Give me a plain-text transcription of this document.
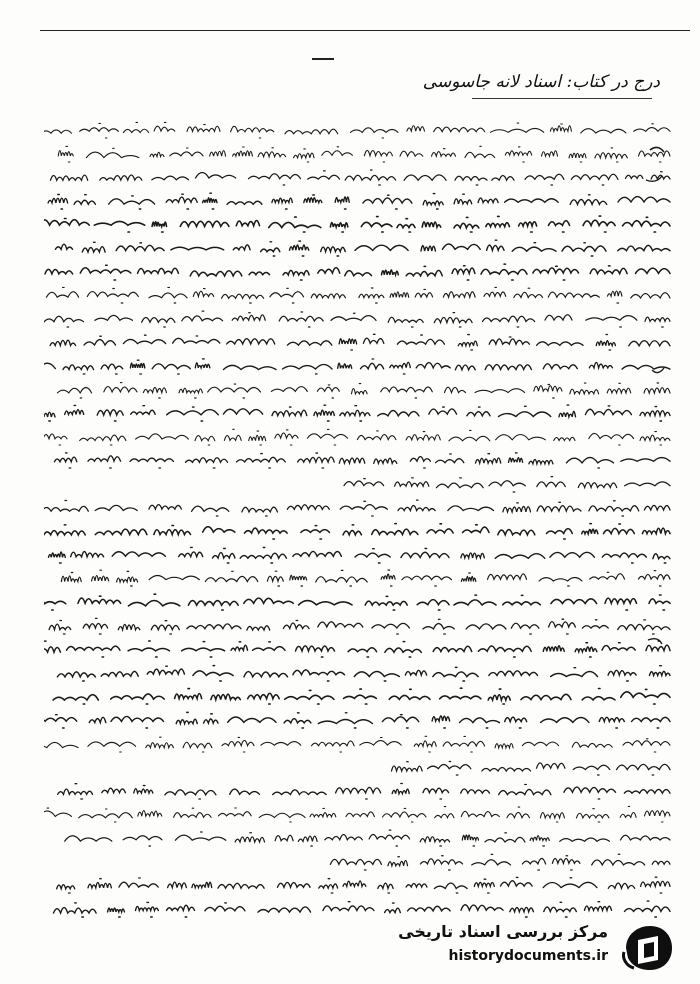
درج در کتاب: اسناد لانه جاسوسی
مرکز بررسی اسناد تاریخی
historydocuments.ir
